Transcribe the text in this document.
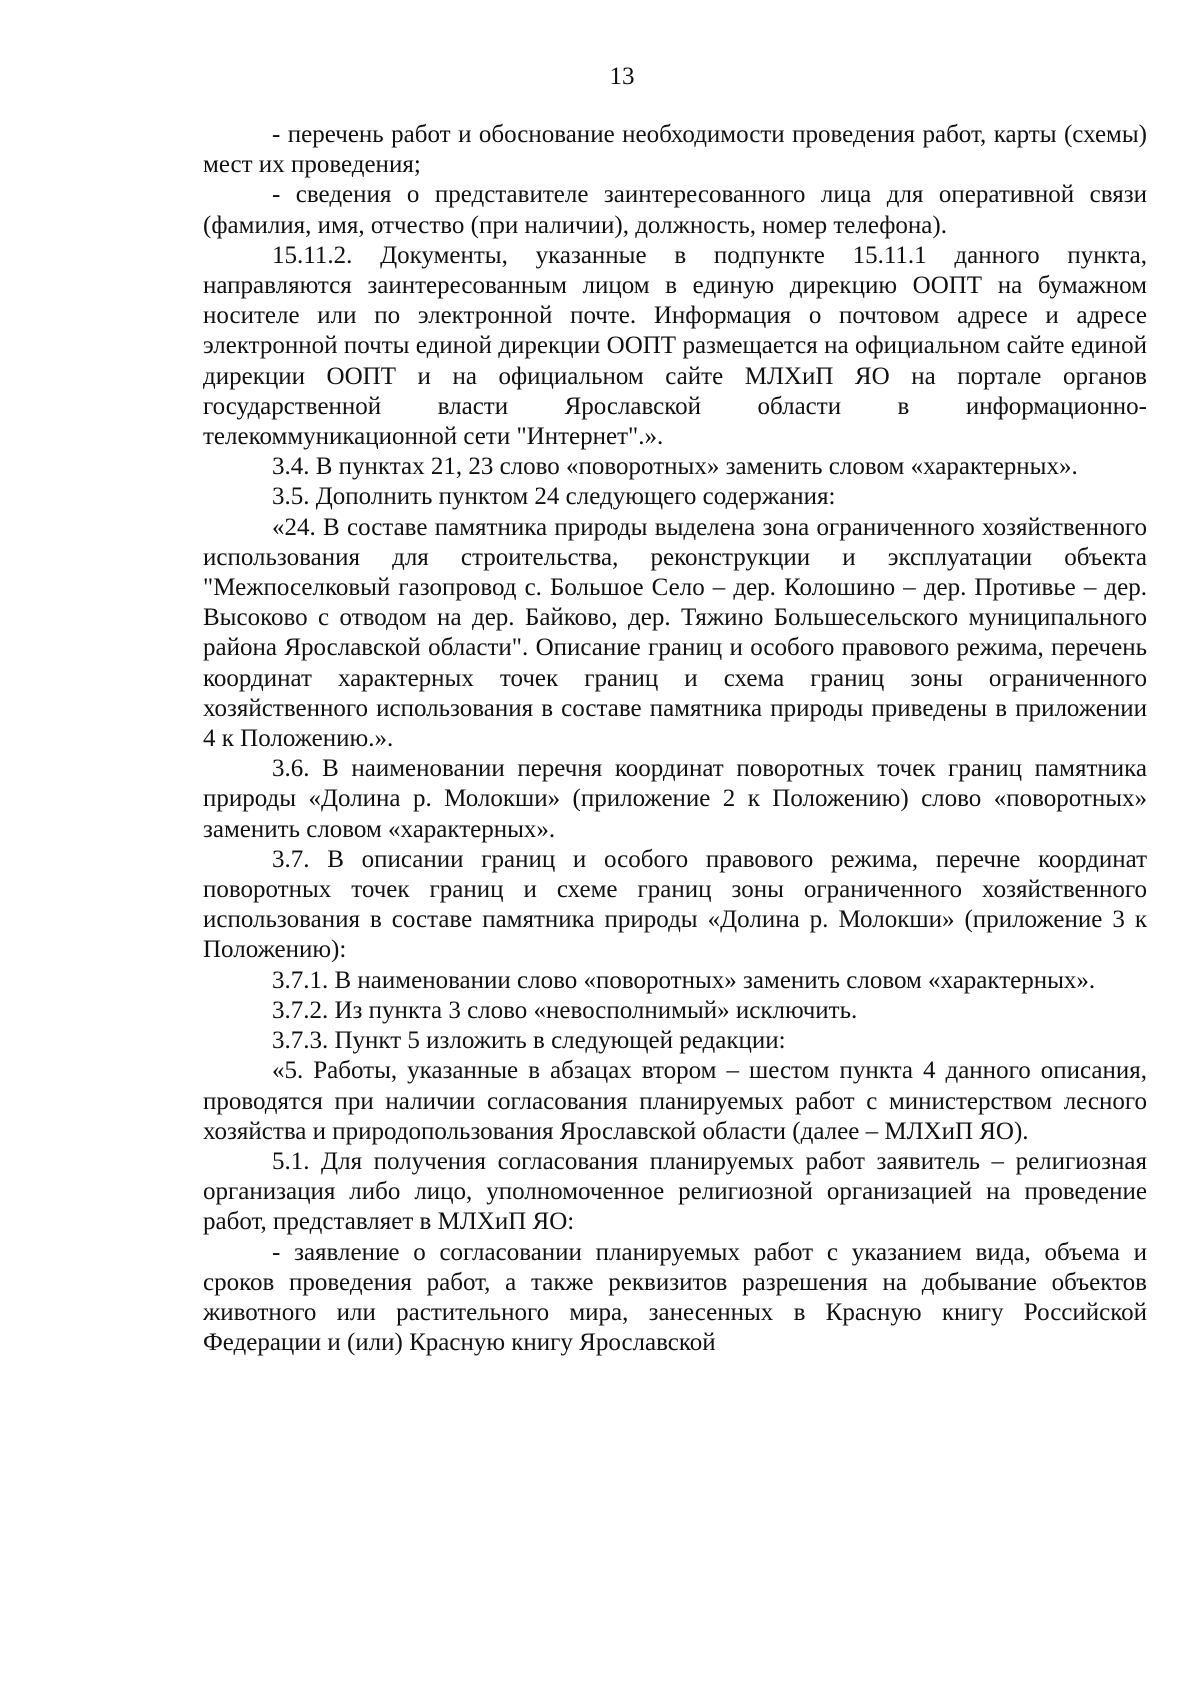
13

- перечень работ и обоснование необходимости проведения работ, карты (схемы) мест их проведения;

- сведения о представителе заинтересованного лица для оперативной связи (фамилия, имя, отчество (при наличии), должность, номер телефона).

15.11.2. Документы, указанные в подпункте 15.11.1 данного пункта, направляются заинтересованным лицом в единую дирекцию ООПТ на бумажном носителе или по электронной почте. Информация о почтовом адресе и адресе электронной почты единой дирекции ООПТ размещается на официальном сайте единой дирекции ООПТ и на официальном сайте МЛХиП ЯО на портале органов государственной власти Ярославской области в информационно-телекоммуникационной сети "Интернет".».

3.4. В пунктах 21, 23 слово «поворотных» заменить словом «характерных».

3.5. Дополнить пунктом 24 следующего содержания:

«24. В составе памятника природы выделена зона ограниченного хозяйственного использования для строительства, реконструкции и эксплуатации объекта "Межпоселковый газопровод с. Большое Село – дер. Колошино – дер. Противье – дер. Высоково с отводом на дер. Байково, дер. Тяжино Большесельского муниципального района Ярославской области". Описание границ и особого правового режима, перечень координат характерных точек границ и схема границ зоны ограниченного хозяйственного использования в составе памятника природы приведены в приложении 4 к Положению.».

3.6. В наименовании перечня координат поворотных точек границ памятника природы «Долина р. Молокши» (приложение 2 к Положению) слово «поворотных» заменить словом «характерных».

3.7. В описании границ и особого правового режима, перечне координат поворотных точек границ и схеме границ зоны ограниченного хозяйственного использования в составе памятника природы «Долина р. Молокши» (приложение 3 к Положению):

3.7.1. В наименовании слово «поворотных» заменить словом «характерных».

3.7.2. Из пункта 3 слово «невосполнимый» исключить.

3.7.3. Пункт 5 изложить в следующей редакции:

«5. Работы, указанные в абзацах втором – шестом пункта 4 данного описания, проводятся при наличии согласования планируемых работ с министерством лесного хозяйства и природопользования Ярославской области (далее – МЛХиП ЯО).

5.1. Для получения согласования планируемых работ заявитель – религиозная организация либо лицо, уполномоченное религиозной организацией на проведение работ, представляет в МЛХиП ЯО:

- заявление о согласовании планируемых работ с указанием вида, объема и сроков проведения работ, а также реквизитов разрешения на добывание объектов животного или растительного мира, занесенных в Красную книгу Российской Федерации и (или) Красную книгу Ярославской
